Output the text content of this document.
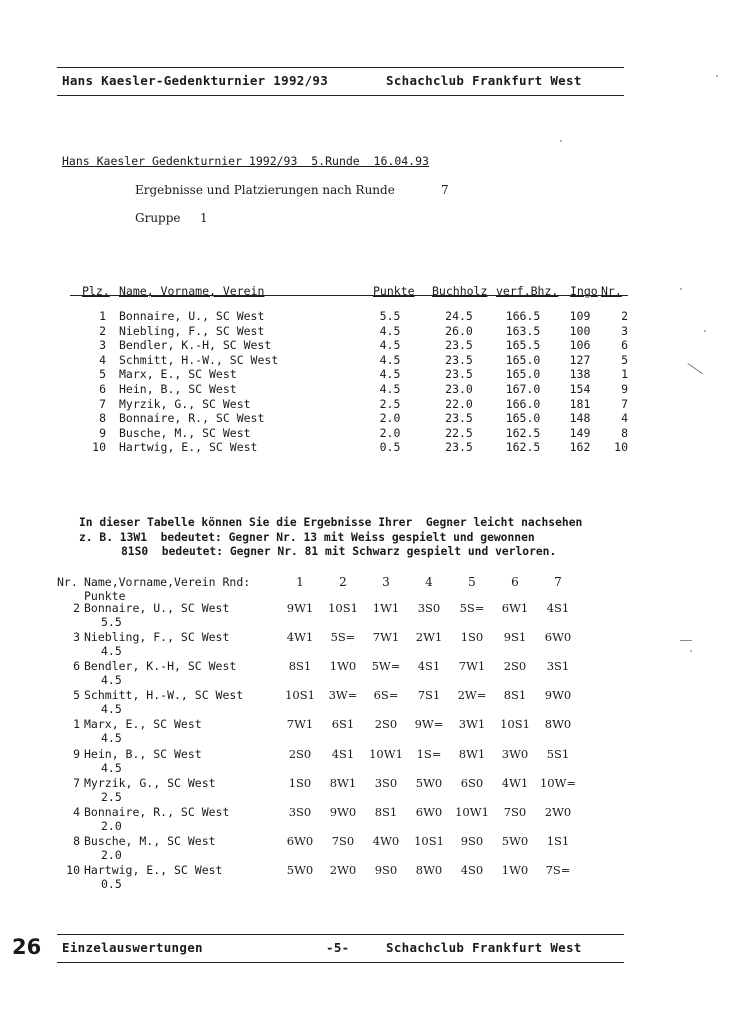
Hans Kaesler-Gedenkturnier 1992/93	Schachclub Frankfurt West
Hans Kaesler Gedenkturnier 1992/93  5.Runde  16.04.93
Ergebnisse und Platzierungen nach Runde	7
Gruppe 1
Plz. Name, Vorname, Verein	Punkte Buchholz verf.Bhz. Ingo Nr.
1 Bonnaire, U., SC West	5.5	24.5	166.5	109	2
2 Niebling, F., SC West	4.5	26.0	163.5	100	3
3 Bendler, K.-H, SC West	4.5	23.5	165.5	106	6
4 Schmitt, H.-W., SC West	4.5	23.5	165.0	127	5
5 Marx, E., SC West	4.5	23.5	165.0	138	1
6 Hein, B., SC West	4.5	23.0	167.0	154	9
7 Myrzik, G., SC West	2.5	22.0	166.0	181	7
8 Bonnaire, R., SC West	2.0	23.5	165.0	148	4
9 Busche, M., SC West	2.0	22.5	162.5	149	8
10 Hartwig, E., SC West	0.5	23.5	162.5	162	10
In dieser Tabelle können Sie die Ergebnisse Ihrer  Gegner leicht nachsehen
z. B. 13W1  bedeutet: Gegner Nr. 13 mit Weiss gespielt und gewonnen
81S0  bedeutet: Gegner Nr. 81 mit Schwarz gespielt und verloren.
Nr. Name,Vorname,Verein Rnd:
Punkte
1	2	3	4	5	6	7
2 Bonnaire, U., SC West
5.5
9W1	10S1	1W1	3S0	5S=	6W1	4S1
3 Niebling, F., SC West
4.5
4W1	5S=	7W1	2W1	1S0	9S1	6W0
6 Bendler, K.-H, SC West
4.5
8S1	1W0	5W=	4S1	7W1	2S0	3S1
5 Schmitt, H.-W., SC West
4.5
10S1	3W=	6S=	7S1	2W=	8S1	9W0
1 Marx, E., SC West
4.5
7W1	6S1	2S0	9W=	3W1	10S1	8W0
9 Hein, B., SC West
4.5
2S0	4S1	10W1	1S=	8W1	3W0	5S1
7 Myrzik, G., SC West
2.5
1S0	8W1	3S0	5W0	6S0	4W1	10W=
4 Bonnaire, R., SC West
2.0
3S0	9W0	8S1	6W0	10W1	7S0	2W0
8 Busche, M., SC West
2.0
6W0	7S0	4W0	10S1	9S0	5W0	1S1
10 Hartwig, E., SC West
0.5
5W0	2W0	9S0	8W0	4S0	1W0	7S=
26 Einzelauswertungen	-5-	Schachclub Frankfurt West
